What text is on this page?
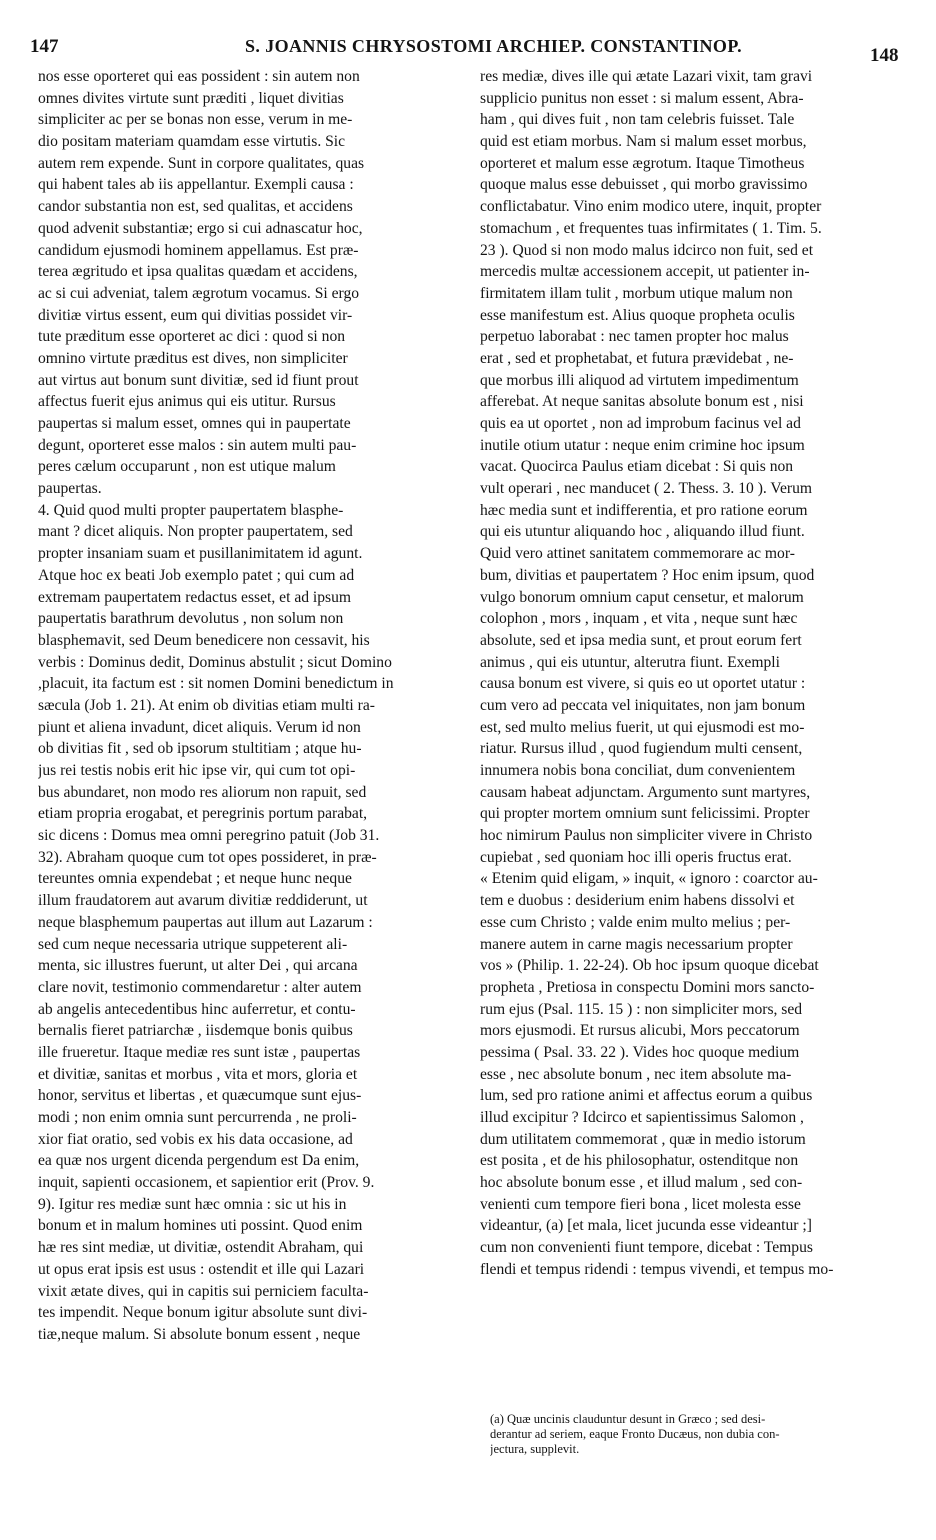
147	S. JOANNIS CHRYSOSTOMI ARCHIEP. CONSTANTINOP.	148
nos esse oporteret qui eas possident : sin autem non
omnes divites virtute sunt præditi , liquet divitias
simpliciter ac per se bonas non esse, verum in me-
dio positam materiam quamdam esse virtutis. Sic
autem rem expende. Sunt in corpore qualitates, quas
qui habent tales ab iis appellantur. Exempli causa :
candor substantia non est, sed qualitas, et accidens
quod advenit substantiæ; ergo si cui adnascatur hoc,
candidum ejusmodi hominem appellamus. Est præ-
terea ægritudo et ipsa qualitas quædam et accidens,
ac si cui adveniat, talem ægrotum vocamus. Si ergo
divitiæ virtus essent, eum qui divitias possidet vir-
tute præditum esse oporteret ac dici : quod si non
omnino virtute præditus est dives, non simpliciter
aut virtus aut bonum sunt divitiæ, sed id fiunt prout
affectus fuerit ejus animus qui eis utitur. Rursus
paupertas si malum esset, omnes qui in paupertate
degunt, oporteret esse malos : sin autem multi pau-
peres cælum occuparunt , non est utique malum
paupertas.
4. Quid quod multi propter paupertatem blasphe-
mant ? dicet aliquis. Non propter paupertatem, sed
propter insaniam suam et pusillanimitatem id agunt.
Atque hoc ex beati Job exemplo patet ; qui cum ad
extremam paupertatem redactus esset, et ad ipsum
paupertatis barathrum devolutus , non solum non
blasphemavit, sed Deum benedicere non cessavit, his
verbis : Dominus dedit, Dominus abstulit ; sicut Domino
,placuit, ita factum est : sit nomen Domini benedictum in
sæcula (Job 1. 21). At enim ob divitias etiam multi ra-
piunt et aliena invadunt, dicet aliquis. Verum id non
ob divitias fit , sed ob ipsorum stultitiam ; atque hu-
jus rei testis nobis erit hic ipse vir, qui cum tot opi-
bus abundaret, non modo res aliorum non rapuit, sed
etiam propria erogabat, et peregrinis portum parabat,
sic dicens : Domus mea omni peregrino patuit (Job 31.
32). Abraham quoque cum tot opes possideret, in præ-
tereuntes omnia expendebat ; et neque hunc neque
illum fraudatorem aut avarum divitiæ reddiderunt, ut
neque blasphemum paupertas aut illum aut Lazarum :
sed cum neque necessaria utrique suppeterent ali-
menta, sic illustres fuerunt, ut alter Dei , qui arcana
clare novit, testimonio commendaretur : alter autem
ab angelis antecedentibus hinc auferretur, et contu-
bernalis fieret patriarchæ , iisdemque bonis quibus
ille frueretur. Itaque mediæ res sunt istæ , paupertas
et divitiæ, sanitas et morbus , vita et mors, gloria et
honor, servitus et libertas , et quæcumque sunt ejus-
modi ; non enim omnia sunt percurrenda , ne proli-
xior fiat oratio, sed vobis ex his data occasione, ad
ea quæ nos urgent dicenda pergendum est Da enim,
inquit, sapienti occasionem, et sapientior erit (Prov. 9.
9). Igitur res mediæ sunt hæc omnia : sic ut his in
bonum et in malum homines uti possint. Quod enim
hæ res sint mediæ, ut divitiæ, ostendit Abraham, qui
ut opus erat ipsis est usus : ostendit et ille qui Lazari
vixit ætate dives, qui in capitis sui perniciem faculta-
tes impendit. Neque bonum igitur absolute sunt divi-
tiæ,neque malum. Si absolute bonum essent , neque
res mediæ, dives ille qui ætate Lazari vixit, tam gravi
supplicio punitus non esset : si malum essent, Abra-
ham , qui dives fuit , non tam celebris fuisset. Tale
quid est etiam morbus. Nam si malum esset morbus,
oporteret et malum esse ægrotum. Itaque Timotheus
quoque malus esse debuisset , qui morbo gravissimo
conflictabatur. Vino enim modico utere, inquit, propter
stomachum , et frequentes tuas infirmitates ( 1. Tim. 5.
23 ). Quod si non modo malus idcirco non fuit, sed et
mercedis multæ accessionem accepit, ut patienter in-
firmitatem illam tulit , morbum utique malum non
esse manifestum est. Alius quoque propheta oculis
perpetuo laborabat : nec tamen propter hoc malus
erat , sed et prophetabat, et futura prævidebat , ne-
que morbus illi aliquod ad virtutem impedimentum
afferebat. At neque sanitas absolute bonum est , nisi
quis ea ut oportet , non ad improbum facinus vel ad
inutile otium utatur : neque enim crimine hoc ipsum
vacat. Quocirca Paulus etiam dicebat : Si quis non
vult operari , nec manducet ( 2. Thess. 3. 10 ). Verum
hæc media sunt et indifferentia, et pro ratione eorum
qui eis utuntur aliquando hoc , aliquando illud fiunt.
Quid vero attinet sanitatem commemorare ac mor-
bum, divitias et paupertatem ? Hoc enim ipsum, quod
vulgo bonorum omnium caput censetur, et malorum
colophon , mors , inquam , et vita , neque sunt hæc
absolute, sed et ipsa media sunt, et prout eorum fert
animus , qui eis utuntur, alterutra fiunt. Exempli
causa bonum est vivere, si quis eo ut oportet utatur :
cum vero ad peccata vel iniquitates, non jam bonum
est, sed multo melius fuerit, ut qui ejusmodi est mo-
riatur. Rursus illud , quod fugiendum multi censent,
innumera nobis bona conciliat, dum convenientem
causam habeat adjunctam. Argumento sunt martyres,
qui propter mortem omnium sunt felicissimi. Propter
hoc nimirum Paulus non simpliciter vivere in Christo
cupiebat , sed quoniam hoc illi operis fructus erat.
« Etenim quid eligam, » inquit, « ignoro : coarctor au-
tem e duobus : desiderium enim habens dissolvi et
esse cum Christo ; valde enim multo melius ; per-
manere autem in carne magis necessarium propter
vos » (Philip. 1. 22-24). Ob hoc ipsum quoque dicebat
propheta , Pretiosa in conspectu Domini mors sancto-
rum ejus (Psal. 115. 15 ) : non simpliciter mors, sed
mors ejusmodi. Et rursus alicubi, Mors peccatorum
pessima ( Psal. 33. 22 ). Vides hoc quoque medium
esse , nec absolute bonum , nec item absolute ma-
lum, sed pro ratione animi et affectus eorum a quibus
illud excipitur ? Idcirco et sapientissimus Salomon ,
dum utilitatem commemorat , quæ in medio istorum
est posita , et de his philosophatur, ostenditque non
hoc absolute bonum esse , et illud malum , sed con-
venienti cum tempore fieri bona , licet molesta esse
videantur, (a) [et mala, licet jucunda esse videantur ;]
cum non convenienti fiunt tempore, dicebat : Tempus
flendi et tempus ridendi : tempus vivendi, et tempus mo-
(a) Quæ uncinis clauduntur desunt in Græco ; sed desi-
derantur ad seriem, eaque Fronto Ducæus, non dubia con-
jectura, supplevit.
